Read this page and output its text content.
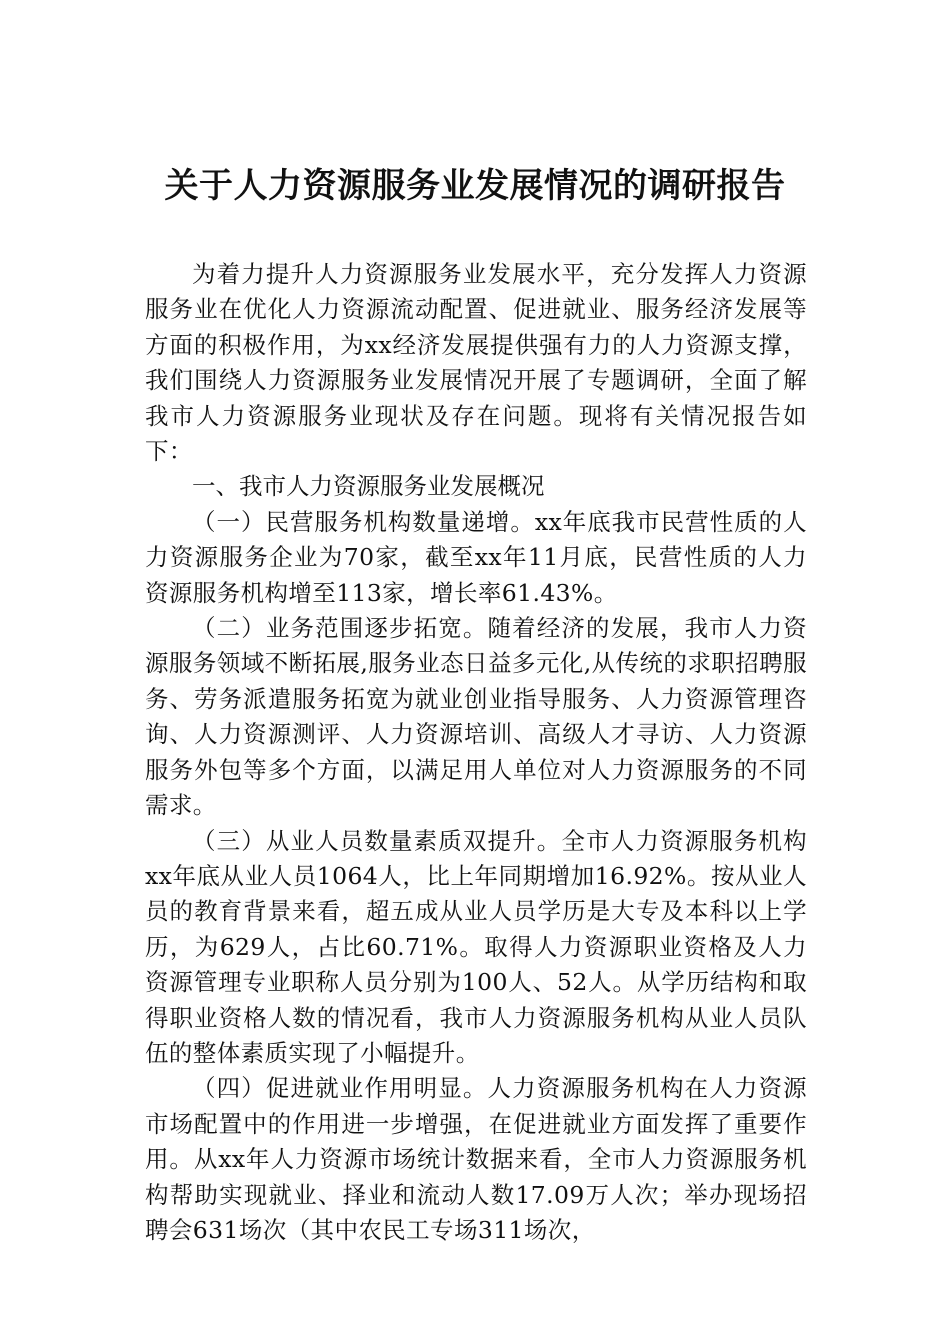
关于人力资源服务业发展情况的调研报告

为着力提升人力资源服务业发展水平，充分发挥人力资源服务业在优化人力资源流动配置、促进就业、服务经济发展等方面的积极作用，为xx经济发展提供强有力的人力资源支撑，我们围绕人力资源服务业发展情况开展了专题调研，全面了解我市人力资源服务业现状及存在问题。现将有关情况报告如下：

一、我市人力资源服务业发展概况

（一）民营服务机构数量递增。xx年底我市民营性质的人力资源服务企业为70家，截至xx年11月底，民营性质的人力资源服务机构增至113家，增长率61.43%。

（二）业务范围逐步拓宽。随着经济的发展，我市人力资源服务领域不断拓展,服务业态日益多元化,从传统的求职招聘服务、劳务派遣服务拓宽为就业创业指导服务、人力资源管理咨询、人力资源测评、人力资源培训、高级人才寻访、人力资源服务外包等多个方面，以满足用人单位对人力资源服务的不同需求。

（三）从业人员数量素质双提升。全市人力资源服务机构xx年底从业人员1064人，比上年同期增加16.92%。按从业人员的教育背景来看，超五成从业人员学历是大专及本科以上学历，为629人，占比60.71%。取得人力资源职业资格及人力资源管理专业职称人员分别为100人、52人。从学历结构和取得职业资格人数的情况看，我市人力资源服务机构从业人员队伍的整体素质实现了小幅提升。

（四）促进就业作用明显。人力资源服务机构在人力资源市场配置中的作用进一步增强，在促进就业方面发挥了重要作用。从xx年人力资源市场统计数据来看，全市人力资源服务机构帮助实现就业、择业和流动人数17.09万人次；举办现场招聘会631场次（其中农民工专场311场次，
